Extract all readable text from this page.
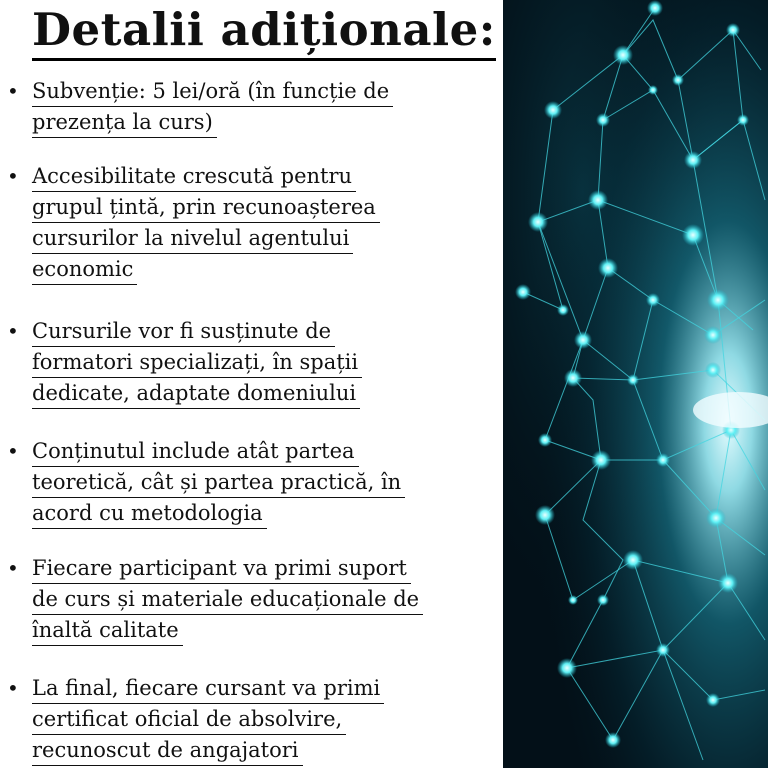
Detalii adiționale:
• Subvenție: 5 lei/oră (în funcție de
prezența la curs)
• Accesibilitate crescută pentru
grupul țintă, prin recunoașterea
cursurilor la nivelul agentului
economic
• Cursurile vor fi susținute de
formatori specializați, în spații
dedicate, adaptate domeniului
• Conținutul include atât partea
teoretică, cât și partea practică, în
acord cu metodologia
• Fiecare participant va primi suport
de curs și materiale educaționale de
înaltă calitate
• La final, fiecare cursant va primi
certificat oficial de absolvire,
recunoscut de angajatori
